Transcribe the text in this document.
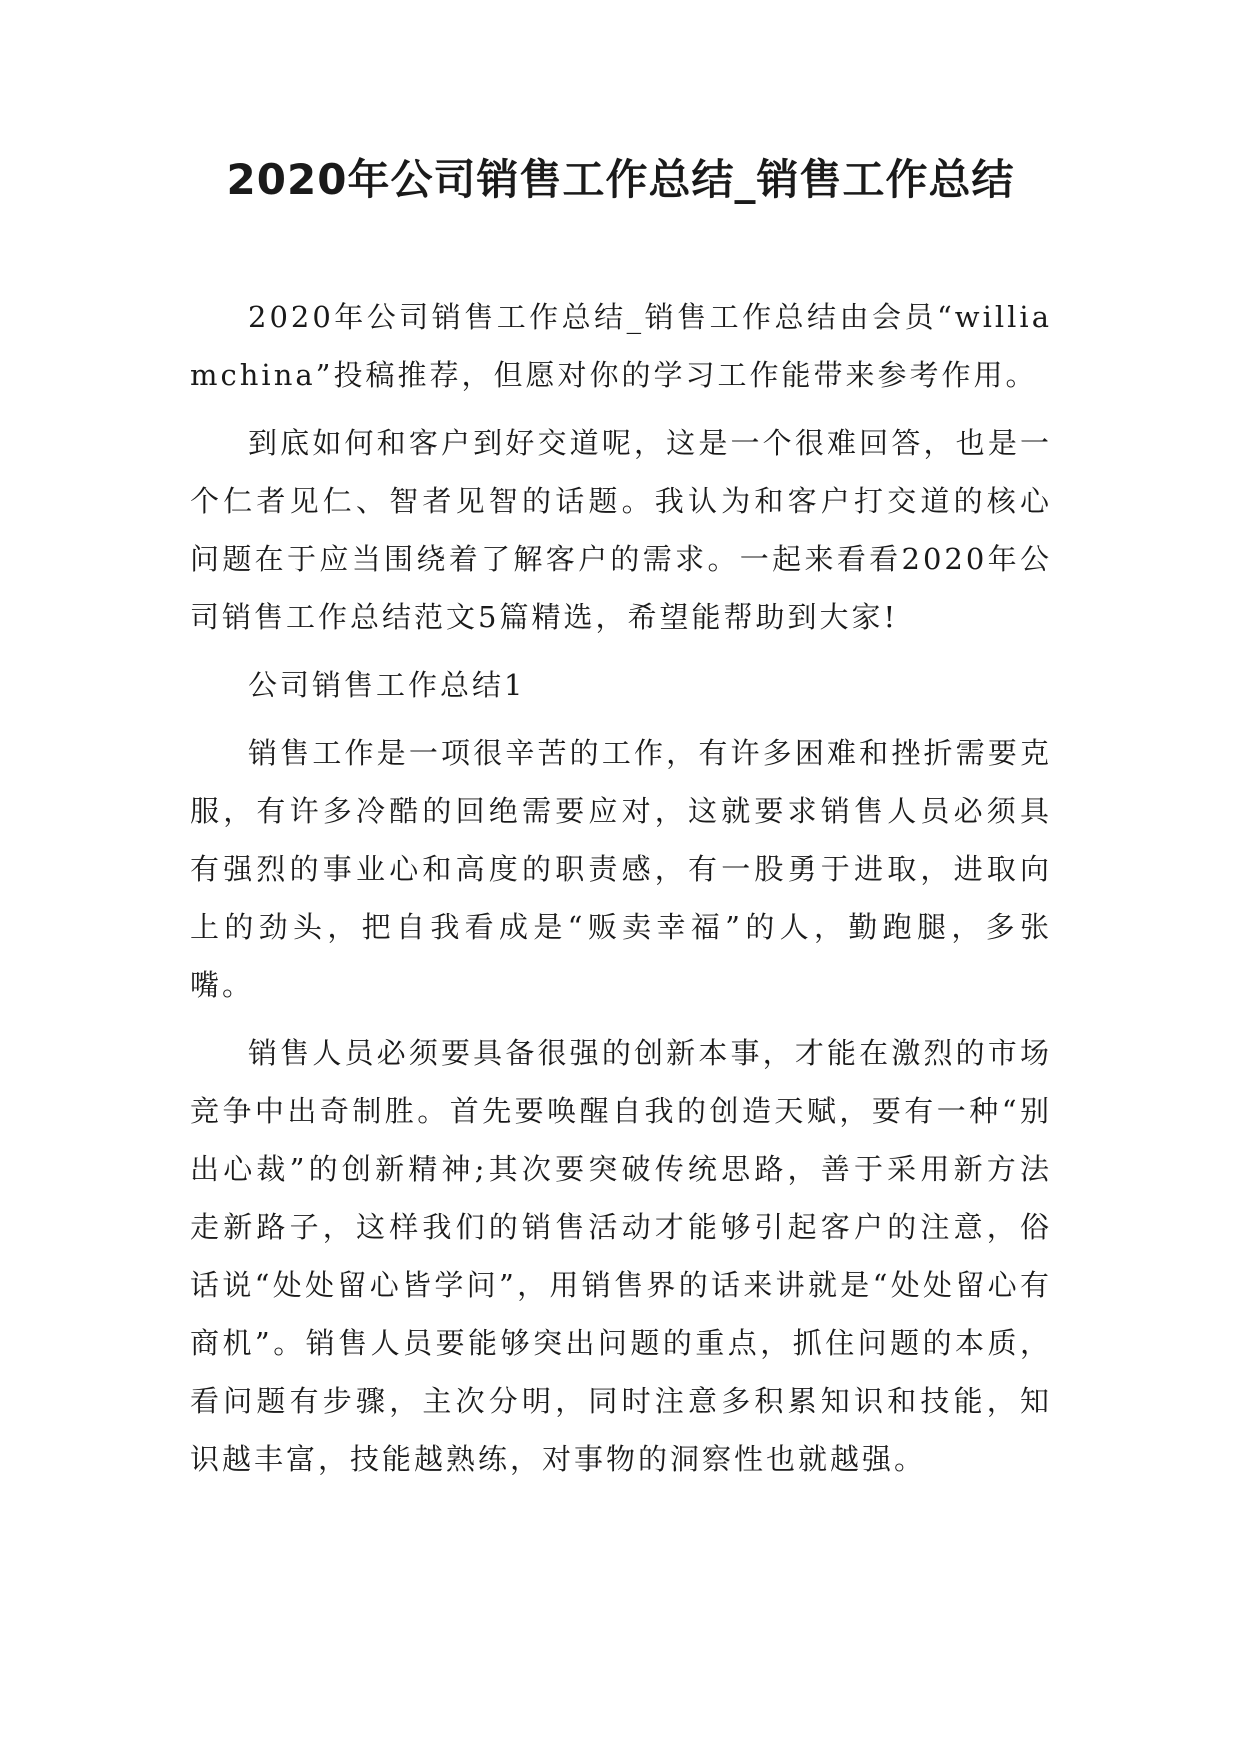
2020年公司销售工作总结_销售工作总结

2020年公司销售工作总结_销售工作总结由会员“williamchina”投稿推荐，但愿对你的学习工作能带来参考作用。

到底如何和客户到好交道呢，这是一个很难回答，也是一个仁者见仁、智者见智的话题。我认为和客户打交道的核心问题在于应当围绕着了解客户的需求。一起来看看2020年公司销售工作总结范文5篇精选，希望能帮助到大家!

公司销售工作总结1

销售工作是一项很辛苦的工作，有许多困难和挫折需要克服，有许多冷酷的回绝需要应对，这就要求销售人员必须具有强烈的事业心和高度的职责感，有一股勇于进取，进取向上的劲头，把自我看成是“贩卖幸福”的人，勤跑腿，多张嘴。

销售人员必须要具备很强的创新本事，才能在激烈的市场竞争中出奇制胜。首先要唤醒自我的创造天赋，要有一种“别出心裁”的创新精神;其次要突破传统思路，善于采用新方法走新路子，这样我们的销售活动才能够引起客户的注意，俗话说“处处留心皆学问”，用销售界的话来讲就是“处处留心有商机”。销售人员要能够突出问题的重点，抓住问题的本质，看问题有步骤，主次分明，同时注意多积累知识和技能，知识越丰富，技能越熟练，对事物的洞察性也就越强。
